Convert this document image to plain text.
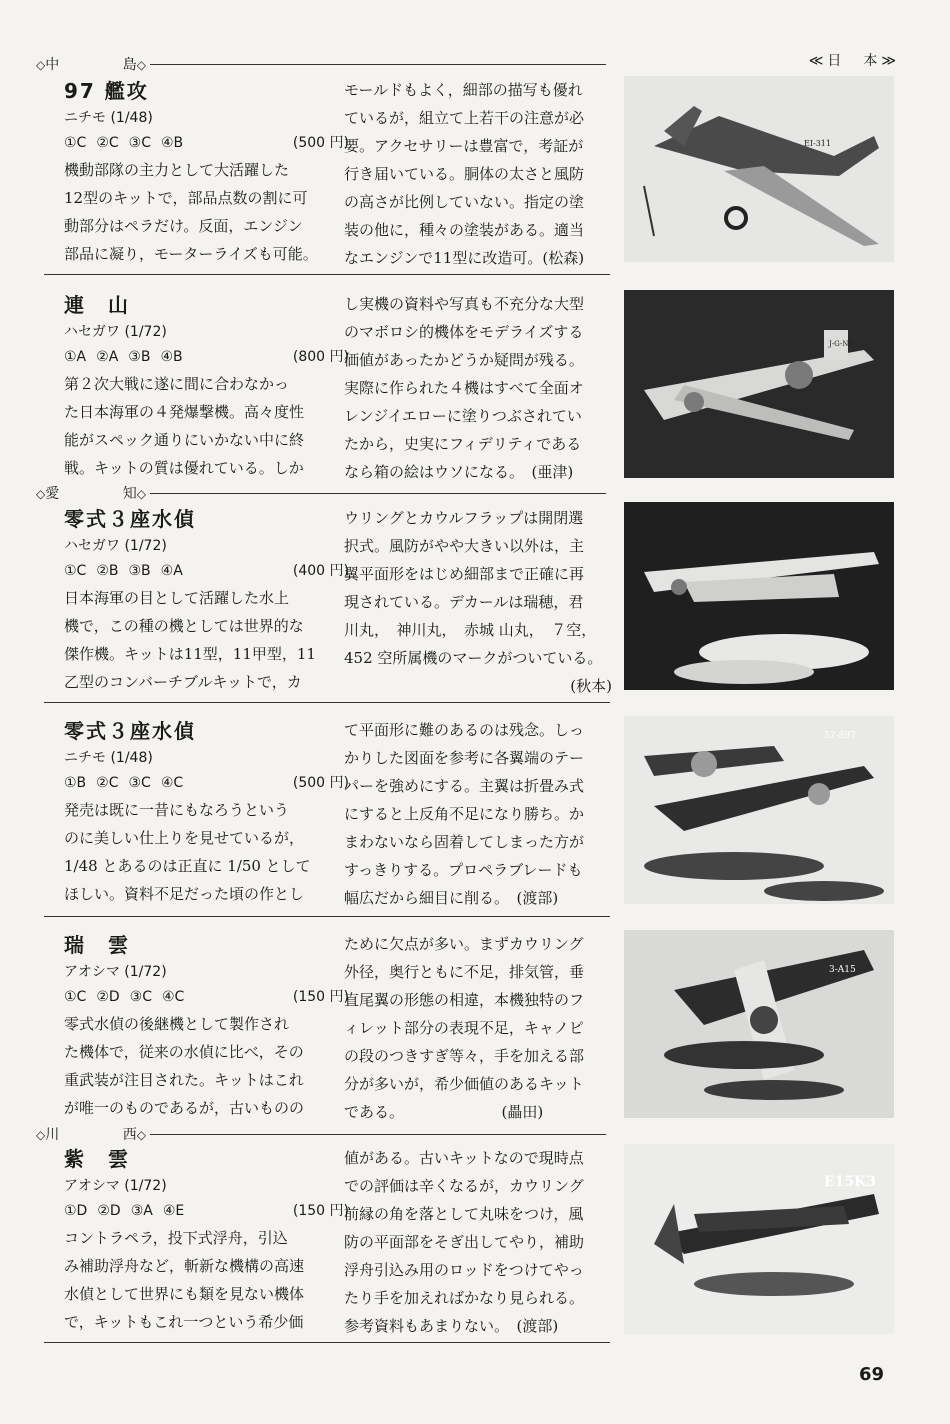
≪日　本≫
◇中	島◇
◇愛	知◇
◇川	西◇
97 艦攻
ニチモ (1/48)
①C ②C ③C ④B	(500 円)
機動部隊の主力として大活躍した
12型のキットで，部品点数の割に可
動部分はペラだけ。反面，エンジン
部品に凝り，モーターライズも可能。
モールドもよく，細部の描写も優れ
ているが，組立て上若干の注意が必
要。アクセサリーは豊富で，考証が
行き届いている。胴体の太さと風防
の高さが比例していない。指定の塗
装の他に，種々の塗装がある。適当
なエンジンで11型に改造可。(松森)
連　山
ハセガワ (1/72)
①A ②A ③B ④B	(800 円)
第２次大戦に遂に間に合わなかっ
た日本海軍の４発爆撃機。高々度性
能がスペック通りにいかない中に終
戦。キットの質は優れている。しか
し実機の資料や写真も不充分な大型
のマボロシ的機体をモデライズする
価値があったかどうか疑問が残る。
実際に作られた４機はすべて全面オ
レンジイエローに塗りつぶされてい
たから，史実にフィデリティである
なら箱の絵はウソになる。　(亜津)
零式３座水偵
ハセガワ (1/72)
①C ②B ③B ④A	(400 円)
日本海軍の目として活躍した水上
機で，この種の機としては世界的な
傑作機。キットは11型，11甲型，11
乙型のコンバーチブルキットで，カ
ウリングとカウルフラップは開閉選
択式。風防がやや大きい以外は，主
翼平面形をはじめ細部まで正確に再
現されている。デカールは瑞穂，君
川丸，　神川丸，　赤城 山丸，　７空，
452 空所属機のマークがついている。
(秋本)
零式３座水偵
ニチモ (1/48)
①B ②C ③C ④C	(500 円)
発売は既に一昔にもなろうという
のに美しい仕上りを見せているが，
1/48 とあるのは正直に 1/50 として
ほしい。資料不足だった頃の作とし
て平面形に難のあるのは残念。しっ
かりした図面を参考に各翼端のテー
パーを強めにする。主翼は折畳み式
にすると上反角不足になり勝ち。か
まわないなら固着してしまった方が
すっきりする。プロペラブレードも
幅広だから細目に削る。　(渡部)
瑞　雲
アオシマ (1/72)
①C ②D ③C ④C	(150 円)
零式水偵の後継機として製作され
た機体で，従来の水偵に比べ，その
重武装が注目された。キットはこれ
が唯一のものであるが，古いものの
ために欠点が多い。まずカウリング
外径，奥行ともに不足，排気管，垂
直尾翼の形態の相違，本機独特のフ
ィレット部分の表現不足，キャノピ
の段のつきすぎ等々，手を加える部
分が多いが，希少価値のあるキット
である。　　　　　　　(畾田)
紫　雲
アオシマ (1/72)
①D ②D ③A ④E	(150 円)
コントラペラ，投下式浮舟，引込
み補助浮舟など，斬新な機構の高速
水偵として世界にも類を見ない機体
で，キットもこれ一つという希少価
値がある。古いキットなので現時点
での評価は辛くなるが，カウリング
前縁の角を落として丸味をつけ，風
防の平面部をそぎ出してやり，補助
浮舟引込み用のロッドをつけてやっ
たり手を加えればかなり見られる。
参考資料もあまりない。　(渡部)
EI-311
J-G-NE
52-897
3-A15
E15K3
69
